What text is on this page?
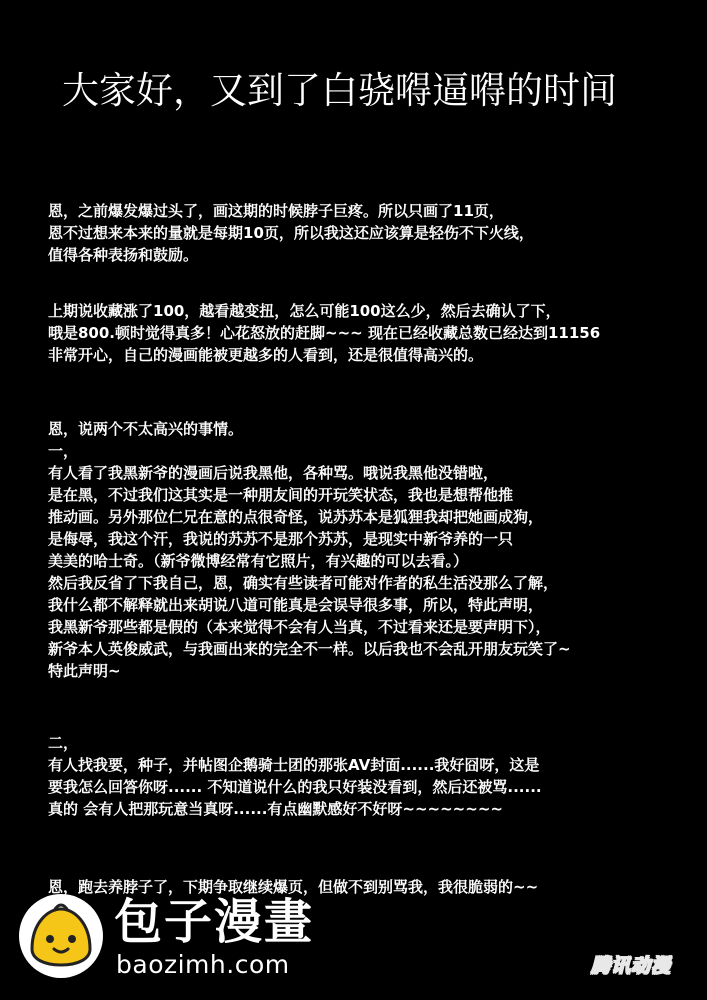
大家好，又到了白骁嘚逼嘚的时间
恩，之前爆发爆过头了，画这期的时候脖子巨疼。所以只画了11页，
恩不过想来本来的量就是每期10页，所以我这还应该算是轻伤不下火线，
值得各种表扬和鼓励。
上期说收藏涨了100，越看越变扭，怎么可能100这么少，然后去确认了下，
哦是800.顿时觉得真多！心花怒放的赶脚~~~ 现在已经收藏总数已经达到11156
非常开心，自己的漫画能被更越多的人看到，还是很值得高兴的。
恩，说两个不太高兴的事情。
一，
有人看了我黑新爷的漫画后说我黑他，各种骂。哦说我黑他没错啦，
是在黑，不过我们这其实是一种朋友间的开玩笑状态，我也是想帮他推
推动画。另外那位仁兄在意的点很奇怪，说苏苏本是狐狸我却把她画成狗，
是侮辱，我这个汗，我说的苏苏不是那个苏苏，是现实中新爷养的一只
美美的哈士奇。（新爷微博经常有它照片，有兴趣的可以去看。）
然后我反省了下我自己，恩，确实有些读者可能对作者的私生活没那么了解，
我什么都不解释就出来胡说八道可能真是会误导很多事，所以，特此声明，
我黑新爷那些都是假的（本来觉得不会有人当真，不过看来还是要声明下），
新爷本人英俊威武，与我画出来的完全不一样。以后我也不会乱开朋友玩笑了~
特此声明~
二，
有人找我要，种子，并帖图企鹅骑士团的那张AV封面......我好囧呀，这是
要我怎么回答你呀...... 不知道说什么的我只好装没看到，然后还被骂......
真的 会有人把那玩意当真呀......有点幽默感好不好呀~~~~~~~~
恩，跑去养脖子了，下期争取继续爆页，但做不到别骂我，我很脆弱的~~
包子漫畫
baozimh.com	腾讯动漫
